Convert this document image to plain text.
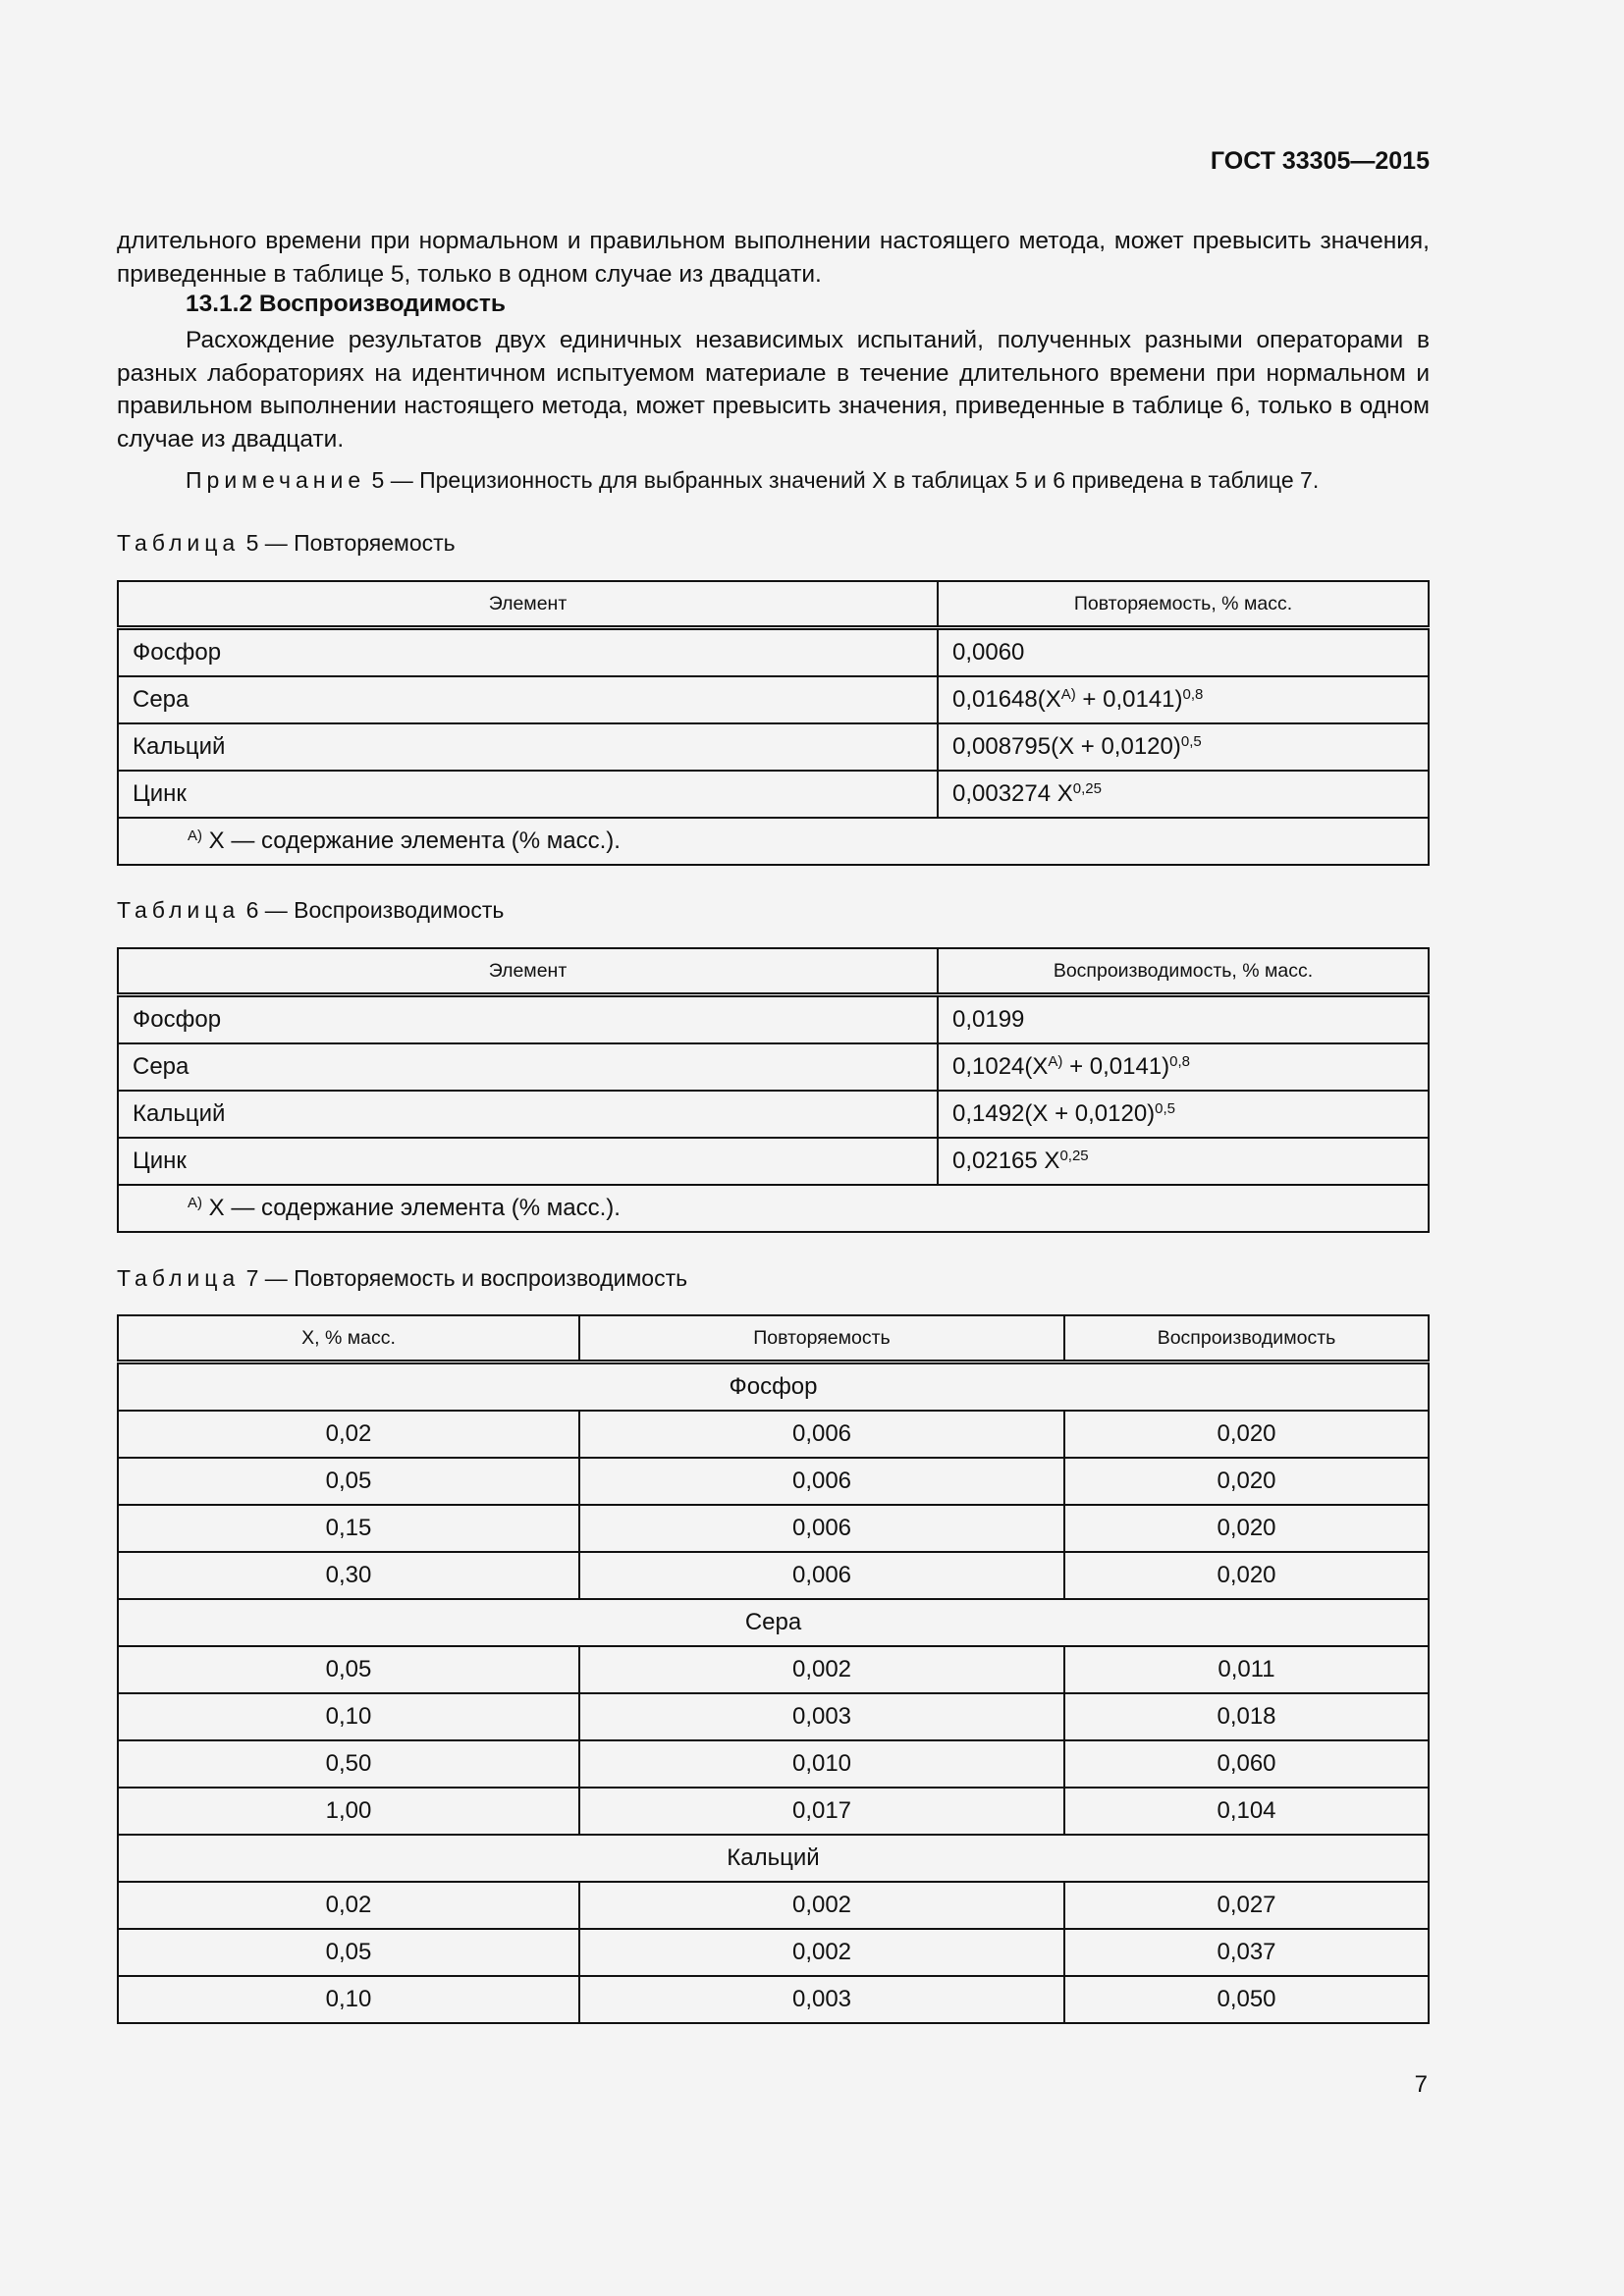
ГОСТ 33305—2015
длительного времени при нормальном и правильном выполнении настоящего метода, может превысить значения, приведенные в таблице 5, только в одном случае из двадцати.
13.1.2 Воспроизводимость
Расхождение результатов двух единичных независимых испытаний, полученных разными операторами в разных лабораториях на идентичном испытуемом материале в течение длительного времени при нормальном и правильном выполнении настоящего метода, может превысить значения, приведенные в таблице 6, только в одном случае из двадцати.
Примечание 5 — Прецизионность для выбранных значений X в таблицах 5 и 6 приведена в таблице 7.
Таблица 5 — Повторяемость
Элемент	Повторяемость, % масс.
Фосфор	0,0060
Сера	$0,01648(X^{А)} + 0,0141)^{0,8}$
Кальций	$0,008795(X + 0,0120)^{0,5}$
Цинк	0,003274 X$^{0,25}$
$^{А)}$ X — содержание элемента (% масс.).	
Таблица 6 — Воспроизводимость
Элемент	Воспроизводимость, % масс.
Фосфор	0,0199
Сера	$0,1024(X^{А)} + 0,0141)^{0,8}$
Кальций	$0,1492(X + 0,0120)^{0,5}$
Цинк	0,02165 X$^{0,25}$
$^{А)}$ X — содержание элемента (% масс.).	
Таблица 7 — Повторяемость и воспроизводимость
X, % масс.	Повторяемость	Воспроизводимость
Фосфор		
0,02	0,006	0,020
0,05	0,006	0,020
0,15	0,006	0,020
0,30	0,006	0,020
Сера		
0,05	0,002	0,011
0,10	0,003	0,018
0,50	0,010	0,060
1,00	0,017	0,104
Кальций		
0,02	0,002	0,027
0,05	0,002	0,037
0,10	0,003	0,050
7
